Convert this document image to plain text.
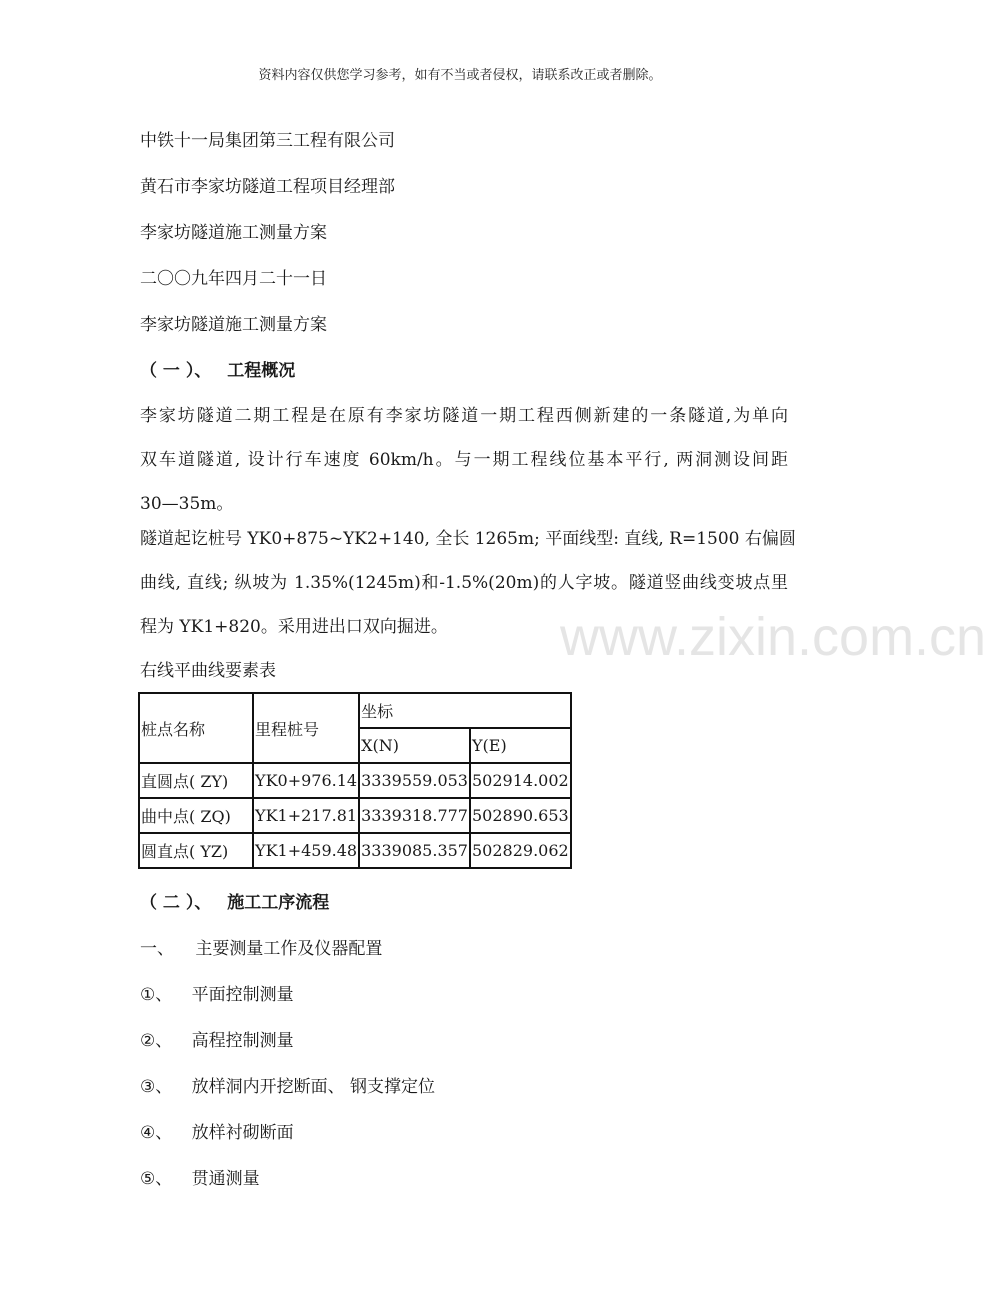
资料内容仅供您学习参考，如有不当或者侵权，请联系改正或者删除。
中铁十一局集团第三工程有限公司
黄石市李家坊隧道工程项目经理部
李家坊隧道施工测量方案
二〇〇九年四月二十一日
李家坊隧道施工测量方案
（ 一 ）、 工程概况
李家坊隧道二期工程是在原有李家坊隧道一期工程西侧新建的一条隧道,为单向
双车道隧道, 设计行车速度 60km/h。与一期工程线位基本平行, 两洞测设间距
30—35m。
隧道起讫桩号 YK0+875~YK2+140, 全长 1265m; 平面线型: 直线, R=1500 右偏圆
曲线, 直线; 纵坡为 1.35%(1245m)和-1.5%(20m)的人字坡。隧道竖曲线变坡点里
程为 YK1+820。采用进出口双向掘进。
右线平曲线要素表
桩点名称	里程桩号	坐标	
		X(N)	Y(E)
直圆点( ZY)	YK0+976.14	3339559.053	502914.002
曲中点( ZQ)	YK1+217.81	3339318.777	502890.653
圆直点( YZ)	YK1+459.48	3339085.357	502829.062
（ 二 ）、 施工工序流程
一、 主要测量工作及仪器配置
①、 平面控制测量
②、 高程控制测量
③、 放样洞内开挖断面、 钢支撑定位
④、 放样衬砌断面
⑤、 贯通测量
www.zixin.com.cn
